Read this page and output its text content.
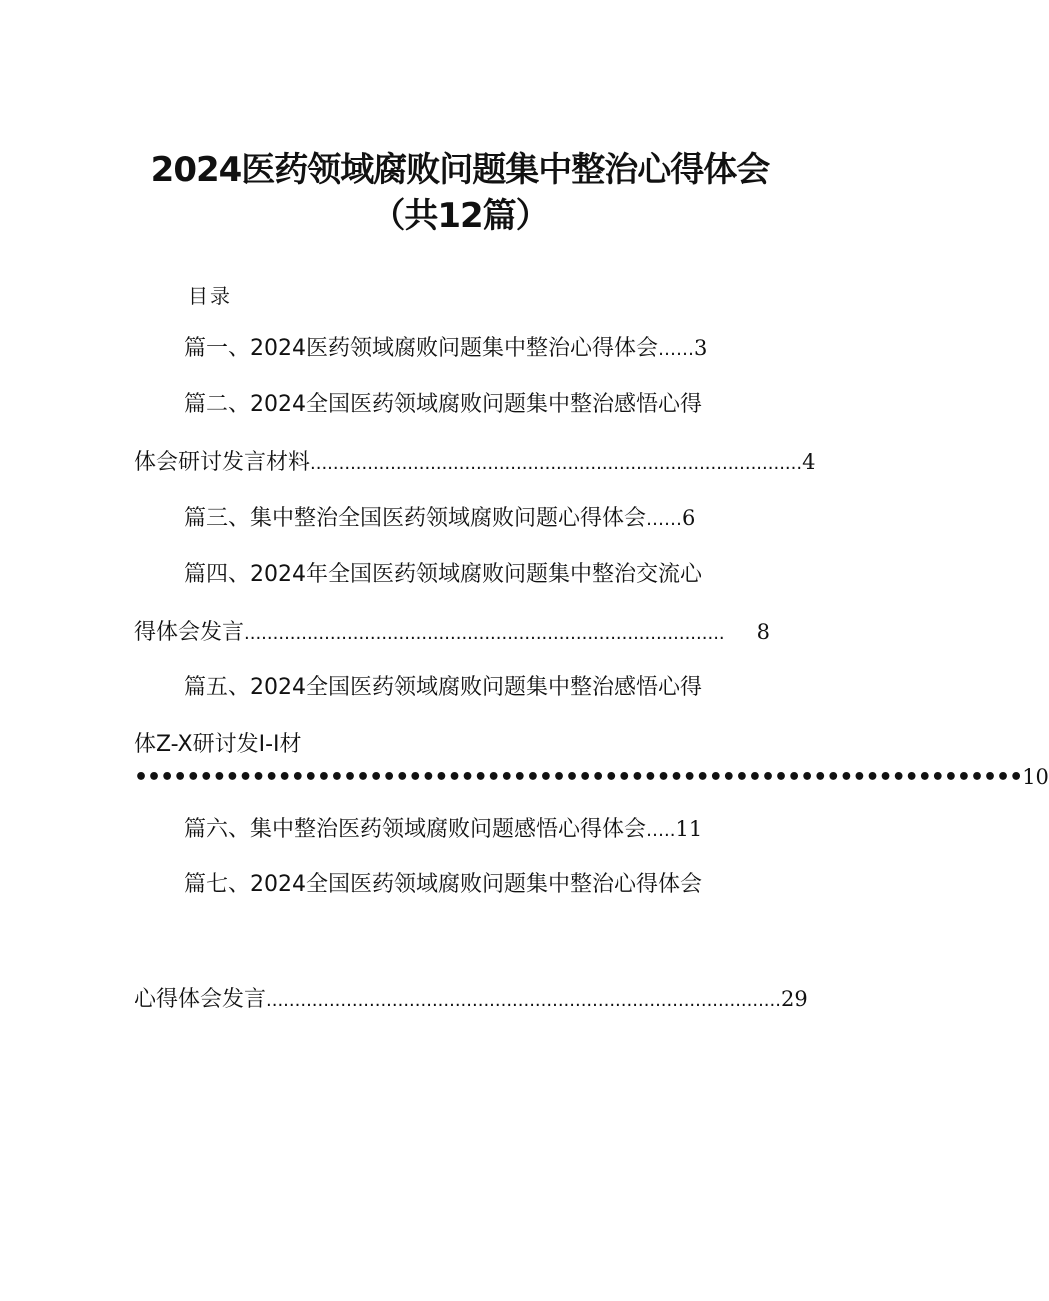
2024医药领域腐败问题集中整治心得体会
（共12篇）
目录
篇一、2024医药领域腐败问题集中整治心得体会 …… 3
篇二、2024全国医药领域腐败问题集中整治感悟心得
体会研讨发言材料 ...................................................................................... 4
篇三、集中整治全国医药领域腐败问题心得体会 …… 6
篇四、2024年全国医药领域腐败问题集中整治交流心
得体会发言 ....................................................................................	8
篇五、2024全国医药领域腐败问题集中整治感悟心得
体Z-X研讨发I-I材
•••••••••••••••••••••••••••••••••••••••••••••••••••••••••••••••••••• 10
篇六、集中整治医药领域腐败问题感悟心得体会 ….. 11
篇七、2024全国医药领域腐败问题集中整治心得体会
心得体会发言 .......................................................................................... 29
